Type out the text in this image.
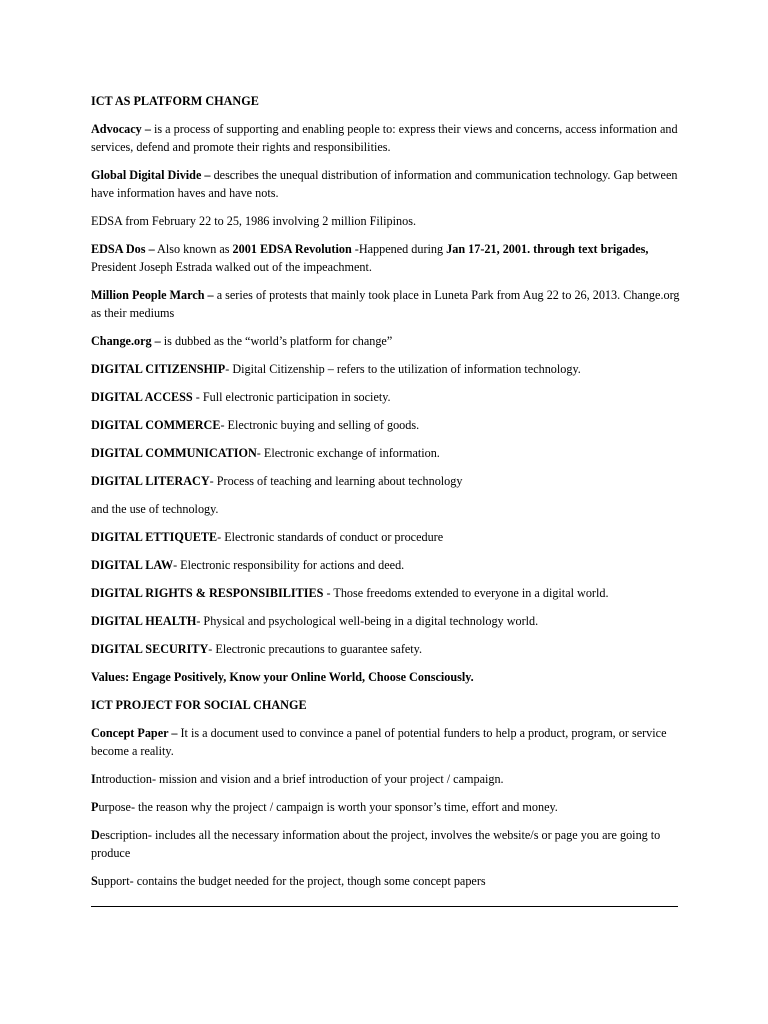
ICT AS PLATFORM CHANGE

Advocacy – is a process of supporting and enabling people to: express their views and concerns, access information and services, defend and promote their rights and responsibilities.

Global Digital Divide – describes the unequal distribution of information and communication technology. Gap between have information haves and have nots.

EDSA from February 22 to 25, 1986 involving 2 million Filipinos.

EDSA Dos – Also known as 2001 EDSA Revolution -Happened during Jan 17-21, 2001. through text brigades, President Joseph Estrada walked out of the impeachment.

Million People March – a series of protests that mainly took place in Luneta Park from Aug 22 to 26, 2013. Change.org as their mediums

Change.org – is dubbed as the “world’s platform for change”

DIGITAL CITIZENSHIP- Digital Citizenship – refers to the utilization of information technology.

DIGITAL ACCESS - Full electronic participation in society.

DIGITAL COMMERCE- Electronic buying and selling of goods.

DIGITAL COMMUNICATION- Electronic exchange of information.

DIGITAL LITERACY- Process of teaching and learning about technology

and the use of technology.

DIGITAL ETTIQUETE- Electronic standards of conduct or procedure

DIGITAL LAW- Electronic responsibility for actions and deed.

DIGITAL RIGHTS & RESPONSIBILITIES - Those freedoms extended to everyone in a digital world.

DIGITAL HEALTH- Physical and psychological well-being in a digital technology world.

DIGITAL SECURITY- Electronic precautions to guarantee safety.

Values: Engage Positively, Know your Online World, Choose Consciously.

ICT PROJECT FOR SOCIAL CHANGE

Concept Paper – It is a document used to convince a panel of potential funders to help a product, program, or service become a reality.

Introduction- mission and vision and a brief introduction of your project / campaign.

Purpose- the reason why the project / campaign is worth your sponsor’s time, effort and money.

Description- includes all the necessary information about the project, involves the website/s or page you are going to produce

Support- contains the budget needed for the project, though some concept papers
